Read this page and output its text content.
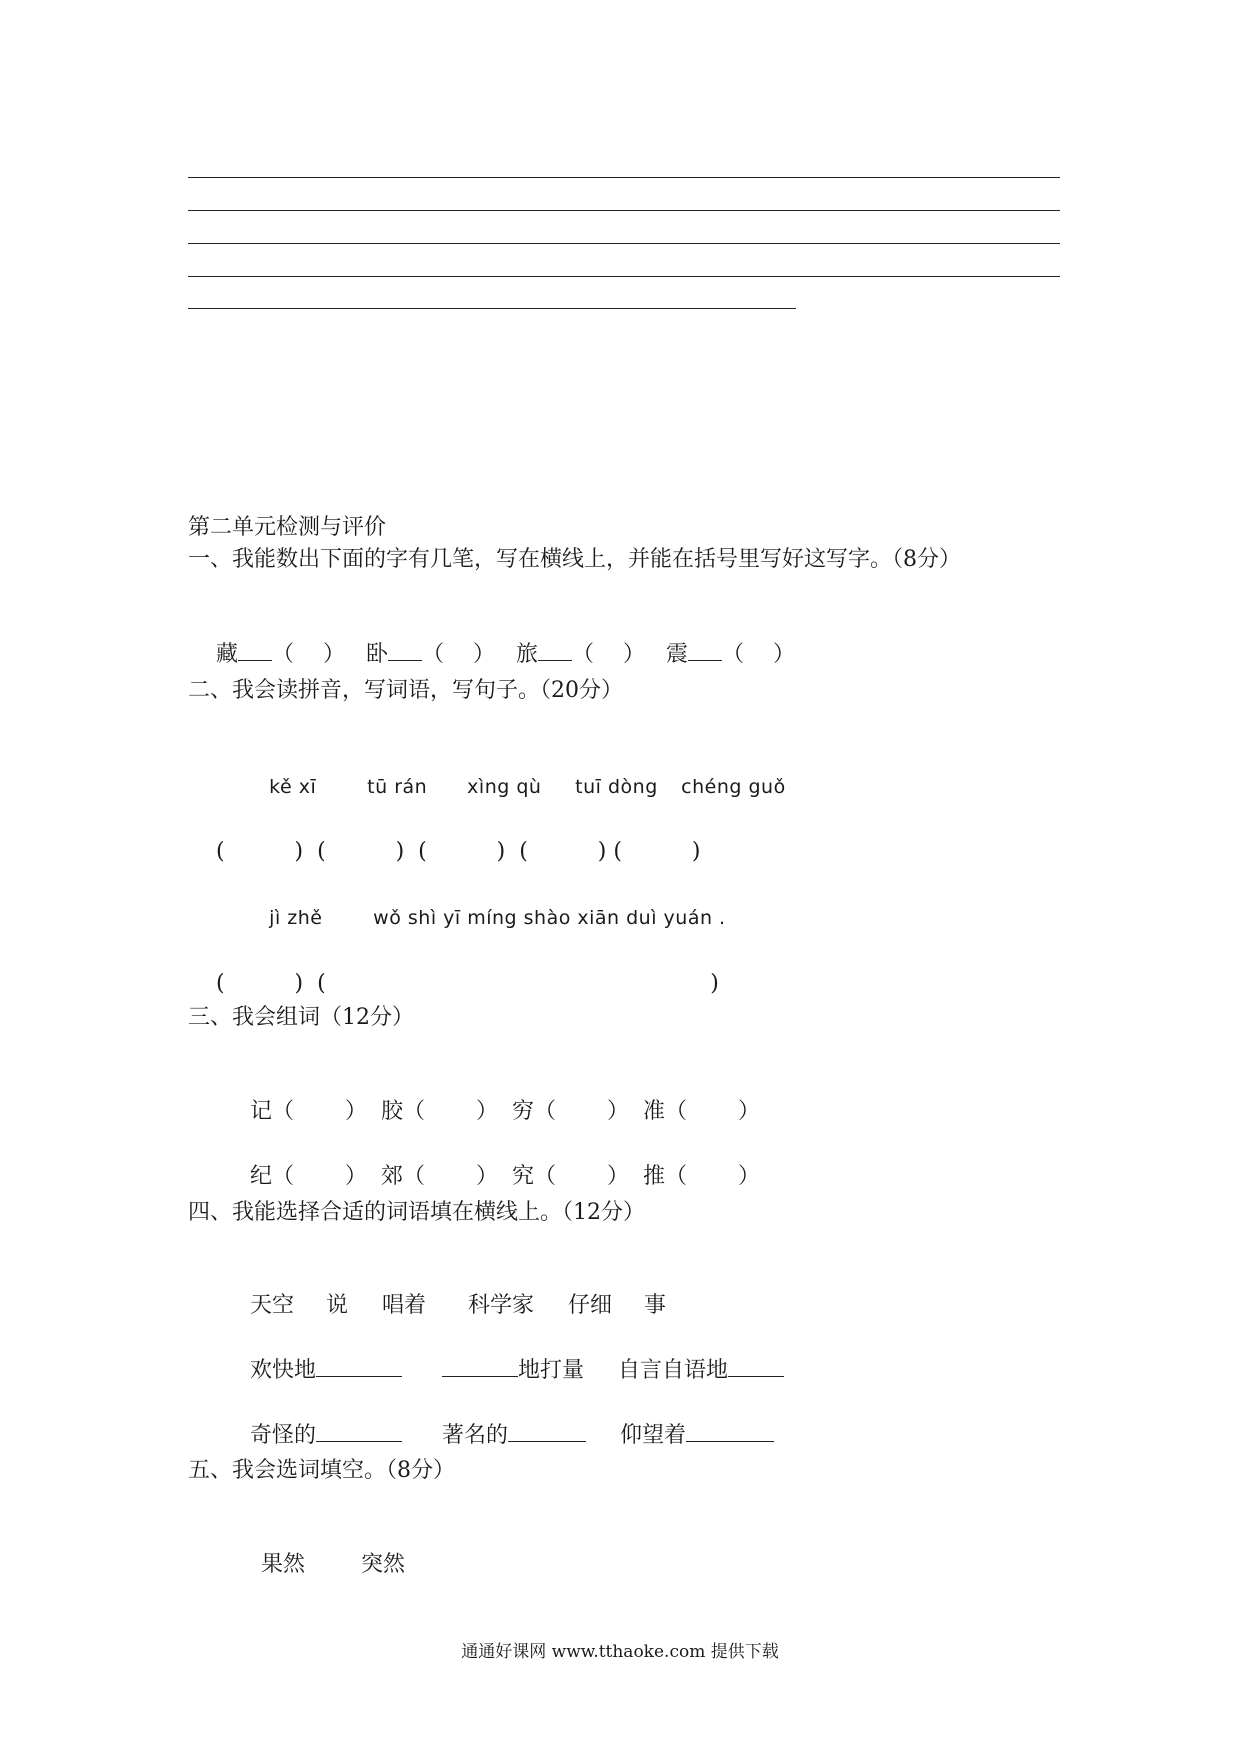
第二单元检测与评价
一、我能数出下面的字有几笔，写在横线上，并能在括号里写好这写字。（8分）

藏 （　 ） 卧 （　 ） 旅 （　 ） 震 （　 ）

二、我会读拼音，写词语，写句子。（20分）

kě xī	tū rán xìng qù tuī dòng chéng guǒ

(          )  (          )  (          )  (          ) (          )

jì zhě	wǒ shì yī míng shào xiān duì yuán .

(          )  (                                                       )

三、我会组词（12分）

记（　　 ）  胶（　　 ）  穷（　　 ）  准（　　 ）

纪（　　 ）  郊（　　 ）  究（　　 ）  推（　　 ）

四、我能选择合适的词语填在横线上。（12分）

天空 说 唱着 科学家 仔细 事

欢快地	地打量 自言自语地

奇怪的	著名的	仰望着

五、我会选词填空。（8分）

果然	突然

通通好课网 www.tthaoke.com 提供下载
